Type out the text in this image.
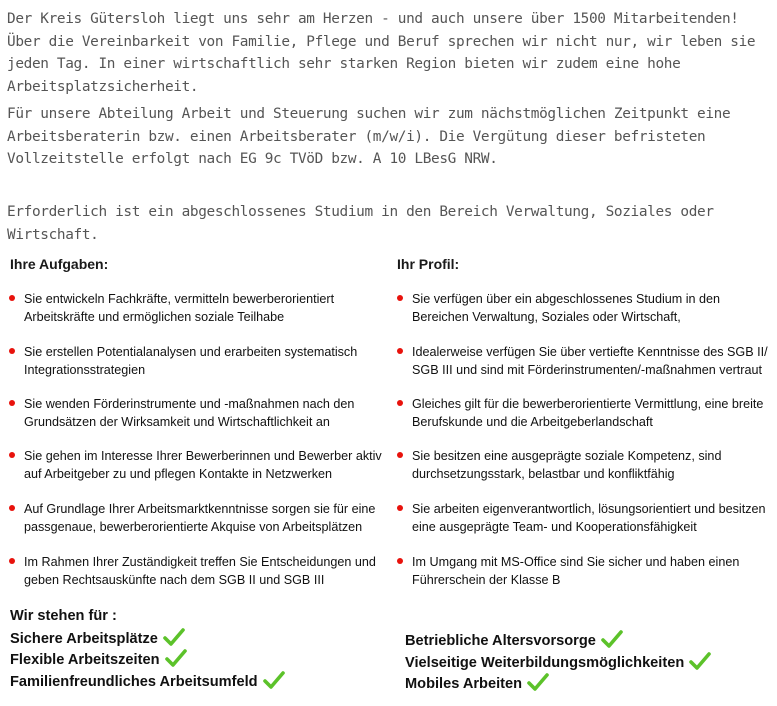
Der Kreis Gütersloh liegt uns sehr am Herzen - und auch unsere über 1500 Mitarbeitenden! Über die Vereinbarkeit von Familie, Pflege und Beruf sprechen wir nicht nur, wir leben sie jeden Tag. In einer wirtschaftlich sehr starken Region bieten wir zudem eine hohe Arbeitsplatzsicherheit.

Für unsere Abteilung Arbeit und Steuerung suchen wir zum nächstmöglichen Zeitpunkt eine Arbeitsberaterin bzw. einen Arbeitsberater (m/w/i). Die Vergütung dieser befristeten Vollzeitstelle erfolgt nach EG 9c TVöD bzw. A 10 LBesG NRW.

Erforderlich ist ein abgeschlossenes Studium in den Bereich Verwaltung, Soziales oder Wirtschaft.

Ihre Aufgaben:	Ihr Profil:

Sie entwickeln Fachkräfte, vermitteln bewerberorientiert Arbeitskräfte und ermöglichen soziale Teilhabe

Sie erstellen Potentialanalysen und erarbeiten systematisch Integrationsstrategien

Sie wenden Förderinstrumente und -maßnahmen nach den Grundsätzen der Wirksamkeit und Wirtschaftlichkeit an

Sie gehen im Interesse Ihrer Bewerberinnen und Bewerber aktiv auf Arbeitgeber zu und pflegen Kontakte in Netzwerken

Auf Grundlage Ihrer Arbeitsmarktkenntnisse sorgen sie für eine passgenaue, bewerberorientierte Akquise von Arbeitsplätzen

Im Rahmen Ihrer Zuständigkeit treffen Sie Entscheidungen und geben Rechtsauskünfte nach dem SGB II und SGB III

Sie verfügen über ein abgeschlossenes Studium in den Bereichen Verwaltung, Soziales oder Wirtschaft,

Idealerweise verfügen Sie über vertiefte Kenntnisse des SGB II/ SGB III und sind mit Förderinstrumenten/-maßnahmen vertraut

Gleiches gilt für die bewerberorientierte Vermittlung, eine breite Berufskunde und die Arbeitgeberlandschaft

Sie besitzen eine ausgeprägte soziale Kompetenz, sind durchsetzungsstark, belastbar und konfliktfähig

Sie arbeiten eigenverantwortlich, lösungsorientiert und besitzen eine ausgeprägte Team- und Kooperationsfähigkeit

Im Umgang mit MS-Office sind Sie sicher und haben einen Führerschein der Klasse B

Wir stehen für :
Sichere Arbeitsplätze
Flexible Arbeitszeiten
Familienfreundliches Arbeitsumfeld
Betriebliche Altersvorsorge
Vielseitige Weiterbildungsmöglichkeiten
Mobiles Arbeiten
